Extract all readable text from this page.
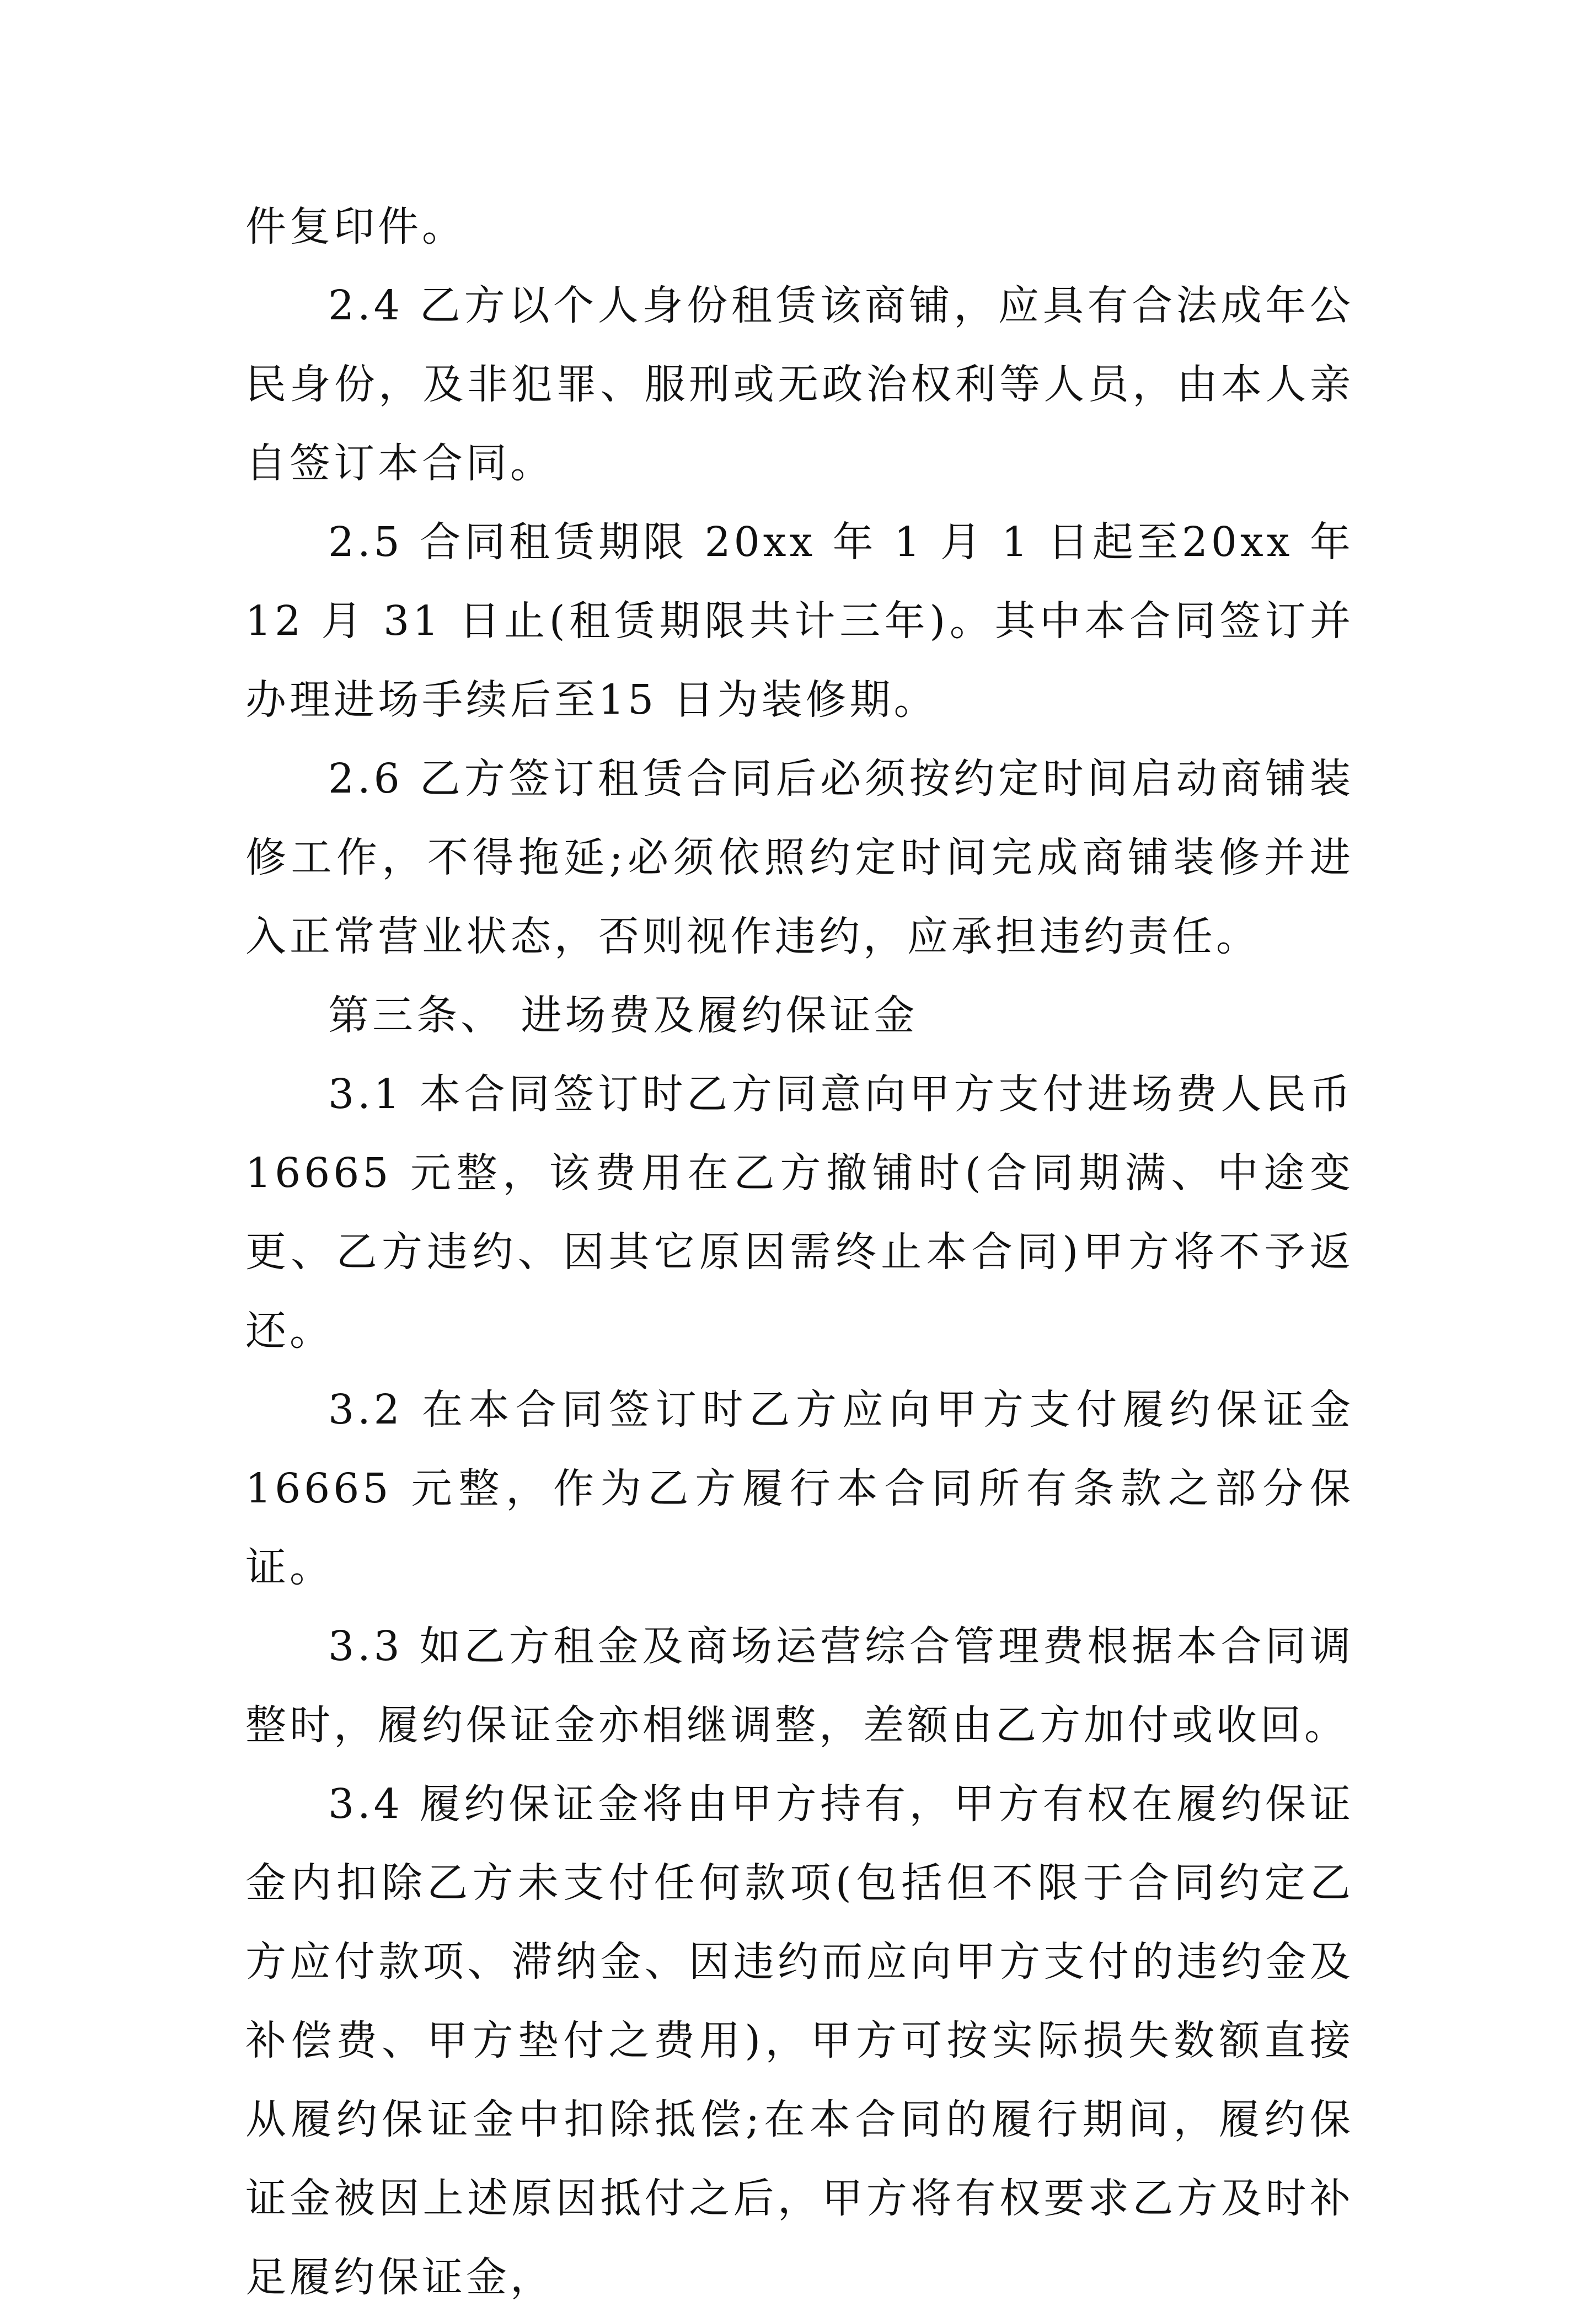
件复印件。

2.4 乙方以个人身份租赁该商铺，应具有合法成年公民身份，及非犯罪、服刑或无政治权利等人员，由本人亲自签订本合同。

2.5 合同租赁期限 20xx 年 1 月 1 日起至20xx 年 12 月 31 日止(租赁期限共计三年)。其中本合同签订并办理进场手续后至15 日为装修期。

2.6 乙方签订租赁合同后必须按约定时间启动商铺装修工作，不得拖延;必须依照约定时间完成商铺装修并进入正常营业状态，否则视作违约，应承担违约责任。

第三条、 进场费及履约保证金

3.1 本合同签订时乙方同意向甲方支付进场费人民币16665 元整，该费用在乙方撤铺时(合同期满、中途变更、乙方违约、因其它原因需终止本合同)甲方将不予返还。

3.2 在本合同签订时乙方应向甲方支付履约保证金16665 元整，作为乙方履行本合同所有条款之部分保证。

3.3 如乙方租金及商场运营综合管理费根据本合同调整时，履约保证金亦相继调整，差额由乙方加付或收回。

3.4 履约保证金将由甲方持有，甲方有权在履约保证金内扣除乙方未支付任何款项(包括但不限于合同约定乙方应付款项、滞纳金、因违约而应向甲方支付的违约金及补偿费、甲方垫付之费用)，甲方可按实际损失数额直接从履约保证金中扣除抵偿;在本合同的履行期间，履约保证金被因上述原因抵付之后，甲方将有权要求乙方及时补足履约保证金，
